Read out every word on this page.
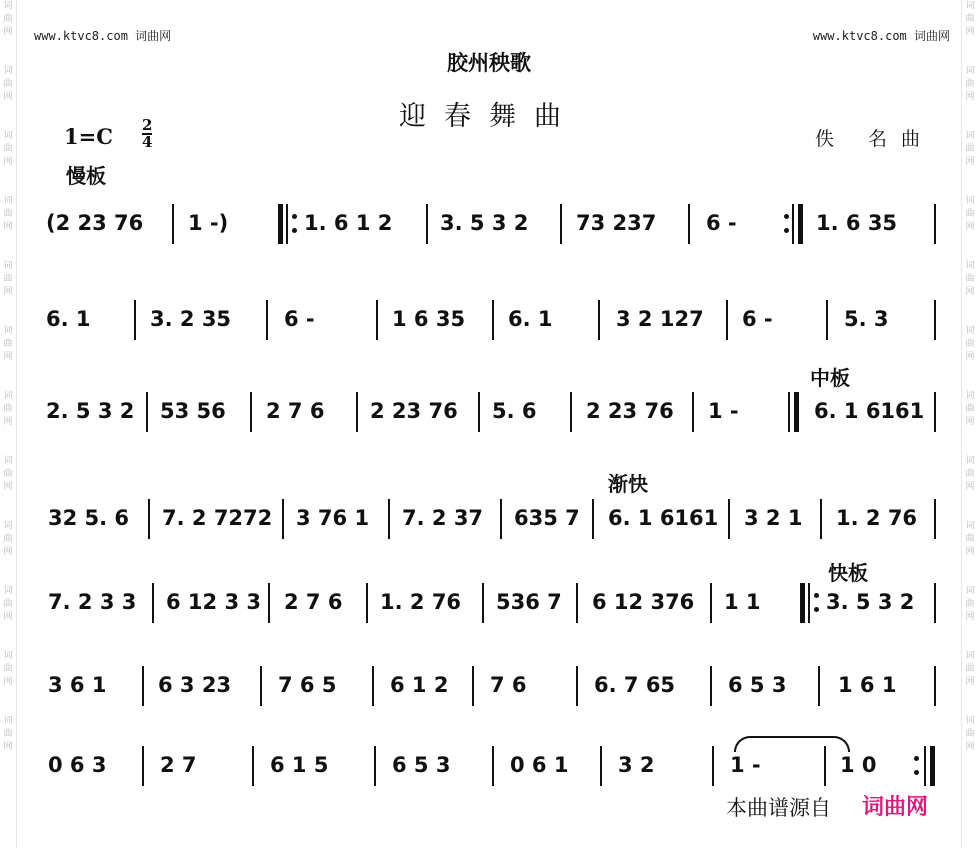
词曲网

词曲网

词曲网

词曲网

词曲网

词曲网

词曲网

词曲网

词曲网

词曲网

词曲网

词曲网
词曲网

词曲网

词曲网

词曲网

词曲网

词曲网

词曲网

词曲网

词曲网

词曲网

词曲网

词曲网
www.ktvc8.com 词曲网	www.ktvc8.com 词曲网
胶州秧歌
迎春舞曲
1=C 2
4	佚 名曲
慢板
中板
渐快
快板
(2 23 76 1 -)	1. 6 1 2 3. 5 3 2 73 237 6 -	1. 6 35
6. 1	3. 2 35	6 -	1 6 35 6. 1	3 2 127 6 -	5. 3
2. 5 3 2 53 56 2 7 6 2 23 76 5. 6 2 23 76 1 -	6. 1 6161
32 5. 6 7. 2 7272 3 76 1 7. 2 37 635 7 6. 1 6161 3 2 1 1. 2 76
7. 2 3 3 6 12 3 3 2 7 6 1. 2 76 536 7 6 12 376 1 1	3. 5 3 2
3 6 1 6 3 23 7 6 5	6 1 2 7 6	6. 7 65	6 5 3 1 6 1
0 6 3	2 7	6 1 5	6 5 3	0 6 1 3 2	1 -	1 0
本曲谱源自 词曲网
